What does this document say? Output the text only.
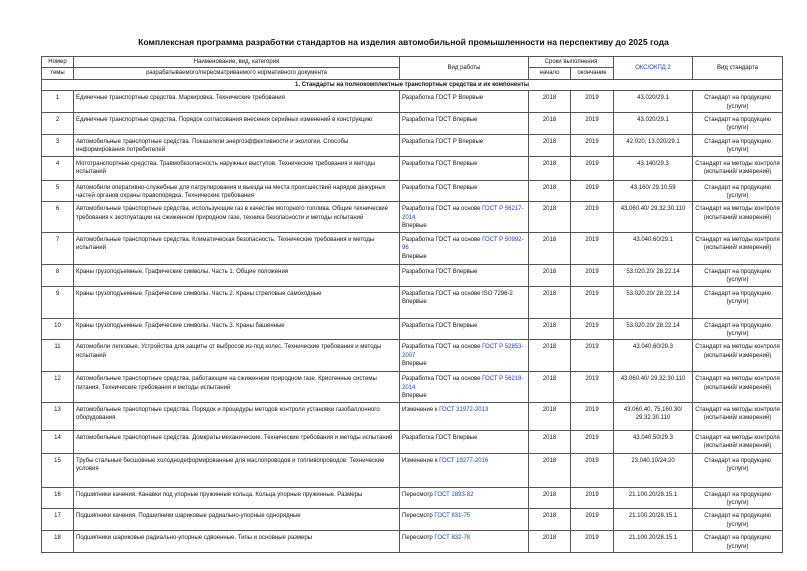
Комплексная программа разработки стандартов на изделия автомобильной промышленности на перспективу до 2025 года
Номер	Наименование, вид, категория	Вид работы	Сроки выполнения		ОКС/ОКПД 2	Вид стандарта
темы	разрабатываемого/пересматриваемого нормативного документа		начало	окончание		
1. Стандарты на полнокомплектные транспортные средства и их компоненты						
1	Единичные транспортные средства. Маркировка. Технические требования	Разработка ГОСТ Р Впервые	2018	2019	43.020/29.1	Стандарт на продукцию (услуги)
2	Единичные транспортные средства. Порядок согласования внесения серийных изменений в конструкцию	Разработка ГОСТ Впервые	2018	2019	43.020/29.1	Стандарт на продукцию (услуги)
3	Автомобильные транспортные средства. Показатели энергоэффективности и экологии. Способы информирования потребителей	Разработка ГОСТ Р Впервые	2018	2019	42.020, 13.020/29.1	Стандарт на продукцию (услуги)
4	Мототранспортные средства. Травмобезопасность наружных выступов. Технические требования и методы испытаний	Разработка ГОСТ Впервые	2018	2019	43.140/29.3	Стандарт на методы контроля (испытаний/ измерений)
5	Автомобили оперативно-служебные для патрулирования и выезда на места происшествий нарядов дежурных частей органов охраны правопорядка. Технические требования	Разработка ГОСТ Впервые	2018	2019	43.160/ 29.10.59	Стандарт на продукцию (услуги)
6	Автомобильные транспортные средства, использующие газ в качестве моторного топлива. Общие технические требования к эксплуатации на сжиженном природном газе, техника безопасности и методы испытаний	Разработка ГОСТ на основе ГОСТ Р 56217-2014
Впервые	2018	2019	43.060.40/ 29.32.30.110	Стандарт на методы контроля (испытаний/ измерений)
7	Автомобильные транспортные средства. Климатическая безопасность. Технические требования и методы испытаний	Разработка ГОСТ на основе ГОСТ Р 50992-96
Впервые	2018	2019	43.040.60/29.1	Стандарт на методы контроля (испытаний/ измерений)
8	Краны грузоподъемные. Графические символы. Часть 1. Общие положения	Разработка ГОСТ Впервые	2018	2019	53.020.20/ 28.22.14	Стандарт на продукцию (услуги)
9	Краны грузоподъемные. Графические символы. Часть 2. Краны стреловые самоходные	Разработка ГОСТ на основе ISO 7296-2
Впервые	2018	2019	53.020.20/ 28.22.14	Стандарт на продукцию (услуги)
10	Краны грузоподъемные. Графические символы. Часть 3. Краны башенные	Разработка ГОСТ Впервые	2018	2019	53.020.20/ 28.22.14	Стандарт на продукцию (услуги)
11	Автомобили легковые. Устройства для защиты от выбросов из-под колес. Технические требования и методы испытаний	Разработка ГОСТ на основе ГОСТ Р 52853-2007
Впервые	2018	2019	43.040.60/29.3	Стандарт на методы контроля (испытаний/ измерений)
12	Автомобильные транспортные средства, работающие на сжиженном природном газе. Криогенные системы питания. Технические требования и методы испытаний	Разработка ГОСТ на основе ГОСТ Р 56218-2014
Впервые	2018	2019	43.060.40/ 29.32.30.110	Стандарт на методы контроля (испытаний/ измерений)
13	Автомобильные транспортные средства. Порядок и процедуры методов контроля установки газобаллонного оборудования	Изменение к ГОСТ 31972-2013	2018	2019	43.060.40, 75.160.30/ 29.32.30.110	Стандарт на методы контроля (испытаний/ измерений)
14	Автомобильные транспортные средства. Домкраты механические. Технические требования и методы испытаний	Разработка ГОСТ Впервые	2018	2019	43.040.50/29.3	Стандарт на методы контроля (испытаний/ измерений)
15	Трубы стальные бесшовные холоднодеформированные для маслопроводов и топливопроводов. Технические условия	Изменение к ГОСТ 19277-2016	2018	2019	23.040.10/24.20	Стандарт на продукцию (услуги)
16	Подшипники качения. Канавки под упорные пружинные кольца. Кольца упорные пружинные. Размеры	Пересмотр ГОСТ 2893-82	2018	2019	21.100.20/28.15.1	Стандарт на продукцию (услуги)
17	Подшипники качения. Подшипники шариковые радиально-упорные однорядные	Пересмотр ГОСТ 831-75	2018	2019	21.100.20/28.15.1	Стандарт на продукцию (услуги)
18	Подшипники шариковые радиально-упорные сдвоенные. Типы и основные размеры	Пересмотр ГОСТ 832-78	2018	2019	21.100.20/28.15.1	Стандарт на продукцию (услуги)
